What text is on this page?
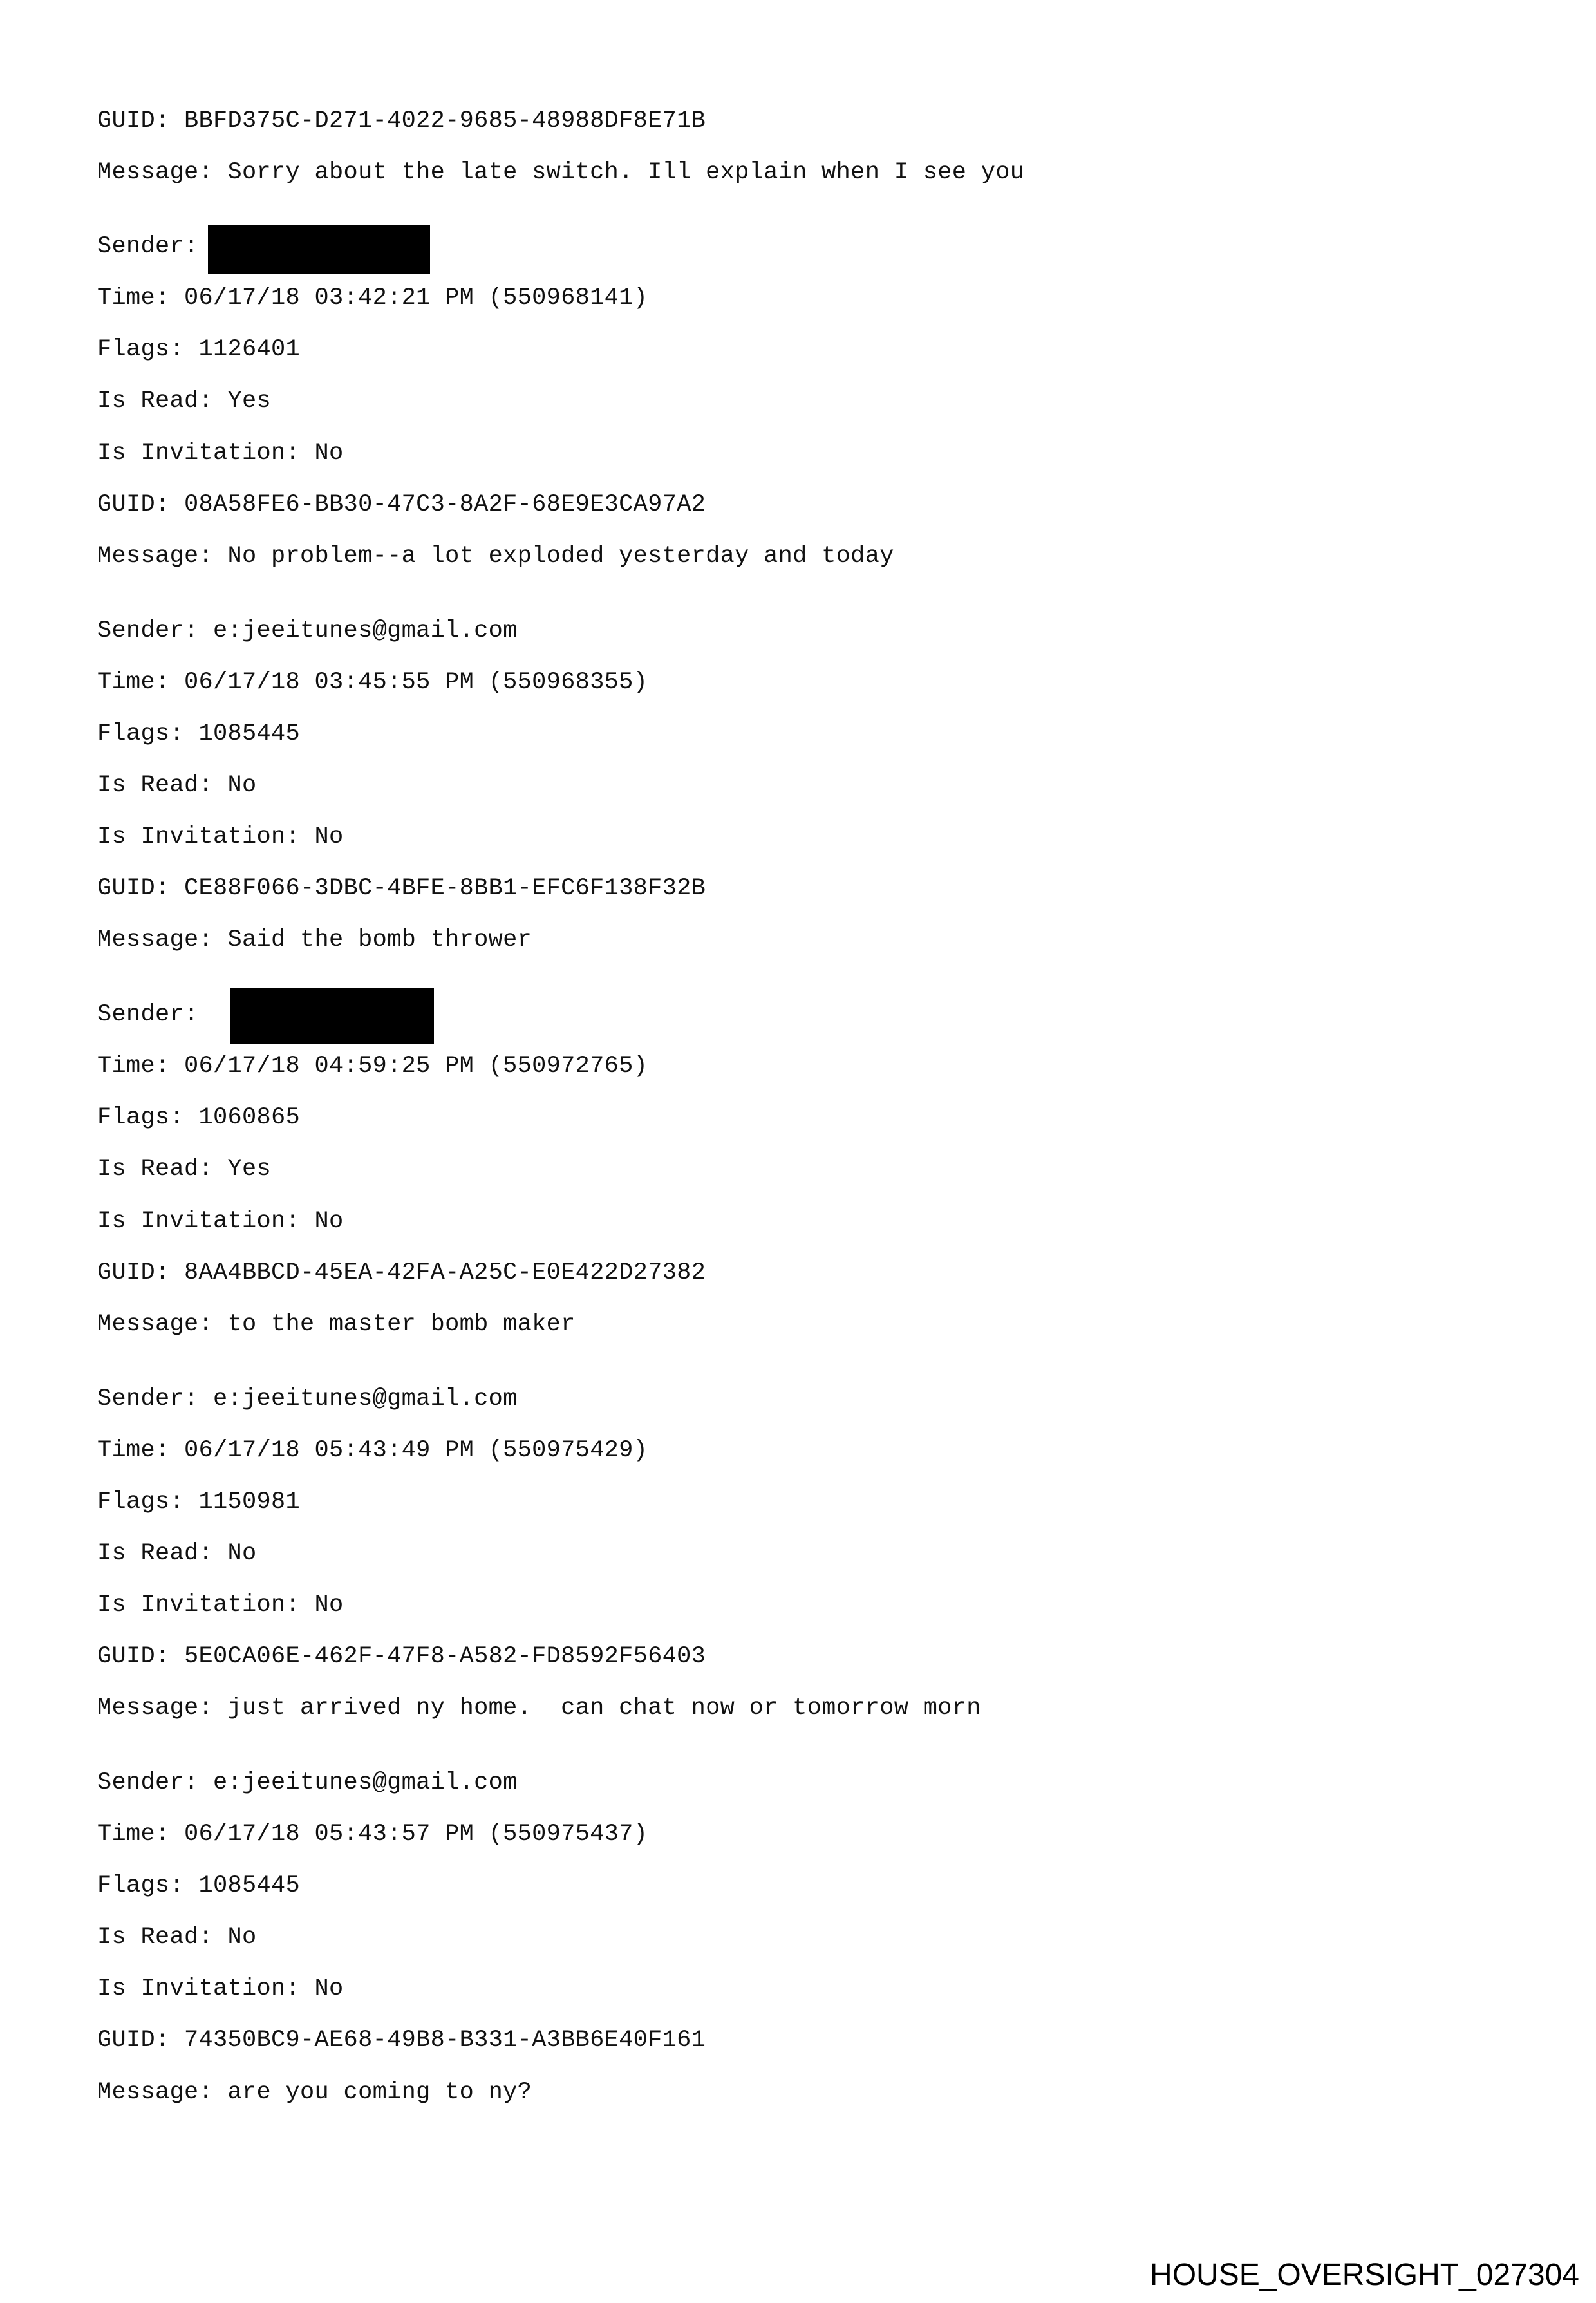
GUID: BBFD375C-D271-4022-9685-48988DF8E71B
Message: Sorry about the late switch. Ill explain when I see you
Sender:
Time: 06/17/18 03:42:21 PM (550968141)
Flags: 1126401
Is Read: Yes
Is Invitation: No
GUID: 08A58FE6-BB30-47C3-8A2F-68E9E3CA97A2
Message: No problem--a lot exploded yesterday and today
Sender: e:jeeitunes@gmail.com
Time: 06/17/18 03:45:55 PM (550968355)
Flags: 1085445
Is Read: No
Is Invitation: No
GUID: CE88F066-3DBC-4BFE-8BB1-EFC6F138F32B
Message: Said the bomb thrower
Sender:
Time: 06/17/18 04:59:25 PM (550972765)
Flags: 1060865
Is Read: Yes
Is Invitation: No
GUID: 8AA4BBCD-45EA-42FA-A25C-E0E422D27382
Message: to the master bomb maker
Sender: e:jeeitunes@gmail.com
Time: 06/17/18 05:43:49 PM (550975429)
Flags: 1150981
Is Read: No
Is Invitation: No
GUID: 5E0CA06E-462F-47F8-A582-FD8592F56403
Message: just arrived ny home.  can chat now or tomorrow morn
Sender: e:jeeitunes@gmail.com
Time: 06/17/18 05:43:57 PM (550975437)
Flags: 1085445
Is Read: No
Is Invitation: No
GUID: 74350BC9-AE68-49B8-B331-A3BB6E40F161
Message: are you coming to ny?
HOUSE_OVERSIGHT_027304
